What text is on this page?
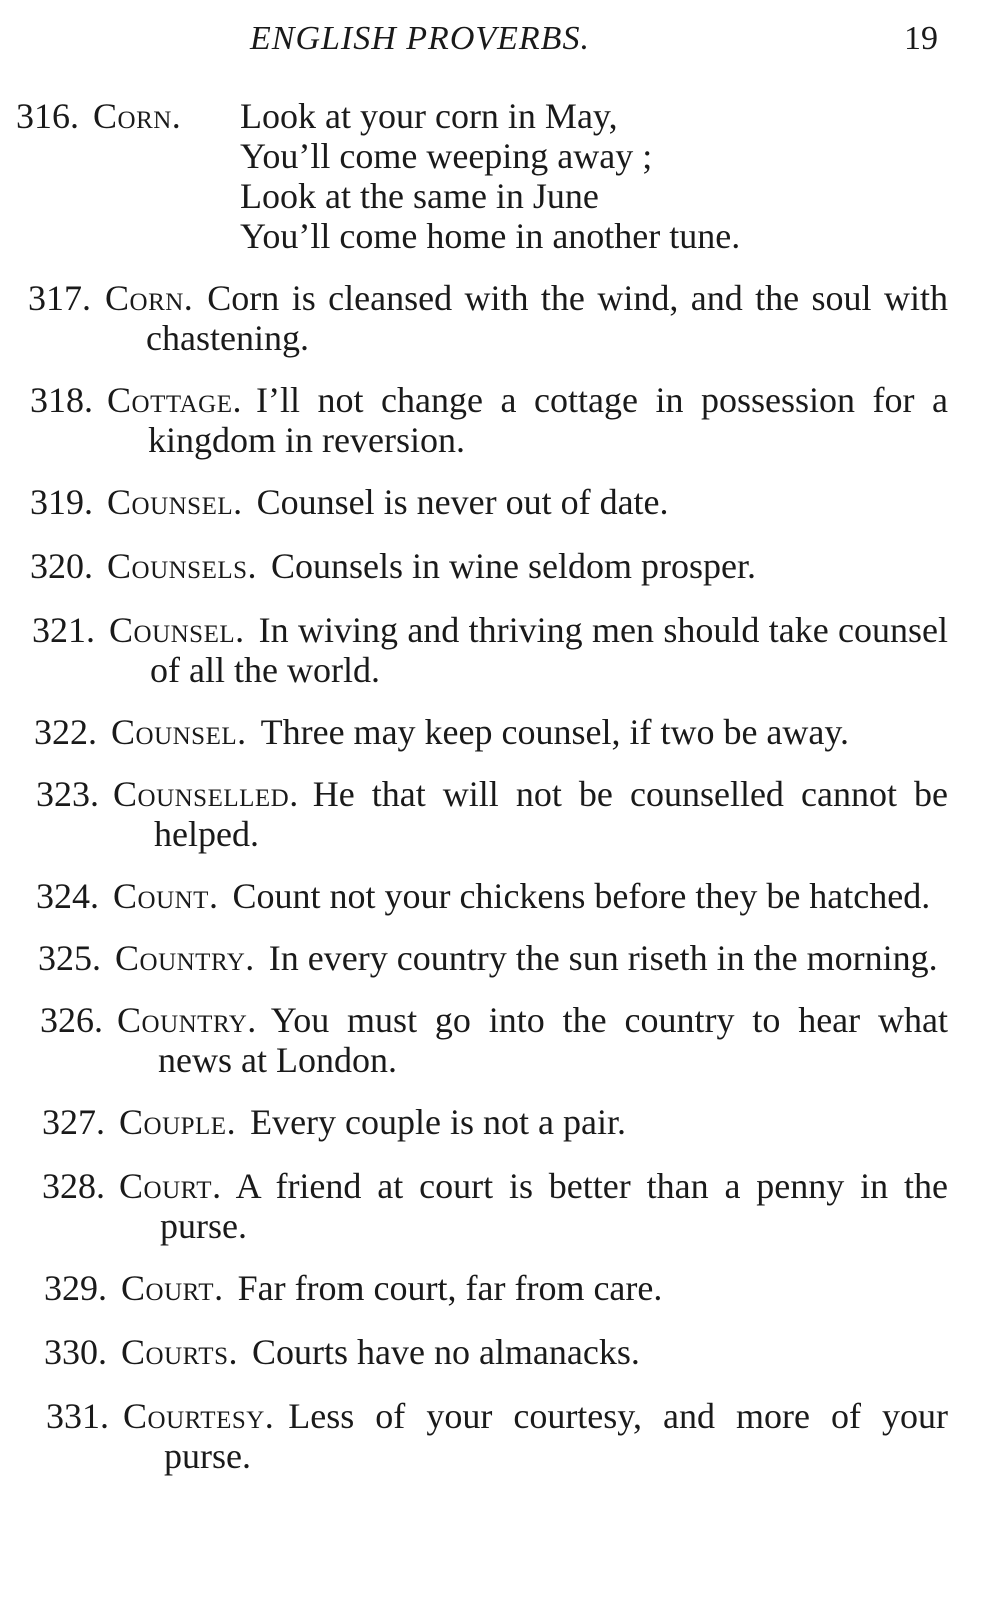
ENGLISH PROVERBS.	19
316. Corn.	Look at your corn in May,
You’ll come weeping away ;
Look at the same in June
You’ll come home in another tune.
317. Corn. Corn is cleansed with the wind, and the soul with chastening.
318. Cottage. I’ll not change a cottage in possession for a kingdom in reversion.
319. Counsel. Counsel is never out of date.
320. Counsels. Counsels in wine seldom prosper.
321. Counsel. In wiving and thriving men should take counsel of all the world.
322. Counsel. Three may keep counsel, if two be away.
323. Counselled. He that will not be counselled cannot be helped.
324. Count. Count not your chickens before they be hatched.
325. Country. In every country the sun riseth in the morning.
326. Country. You must go into the country to hear what news at London.
327. Couple. Every couple is not a pair.
328. Court. A friend at court is better than a penny in the purse.
329. Court. Far from court, far from care.
330. Courts. Courts have no almanacks.
331. Courtesy. Less of your courtesy, and more of your purse.
